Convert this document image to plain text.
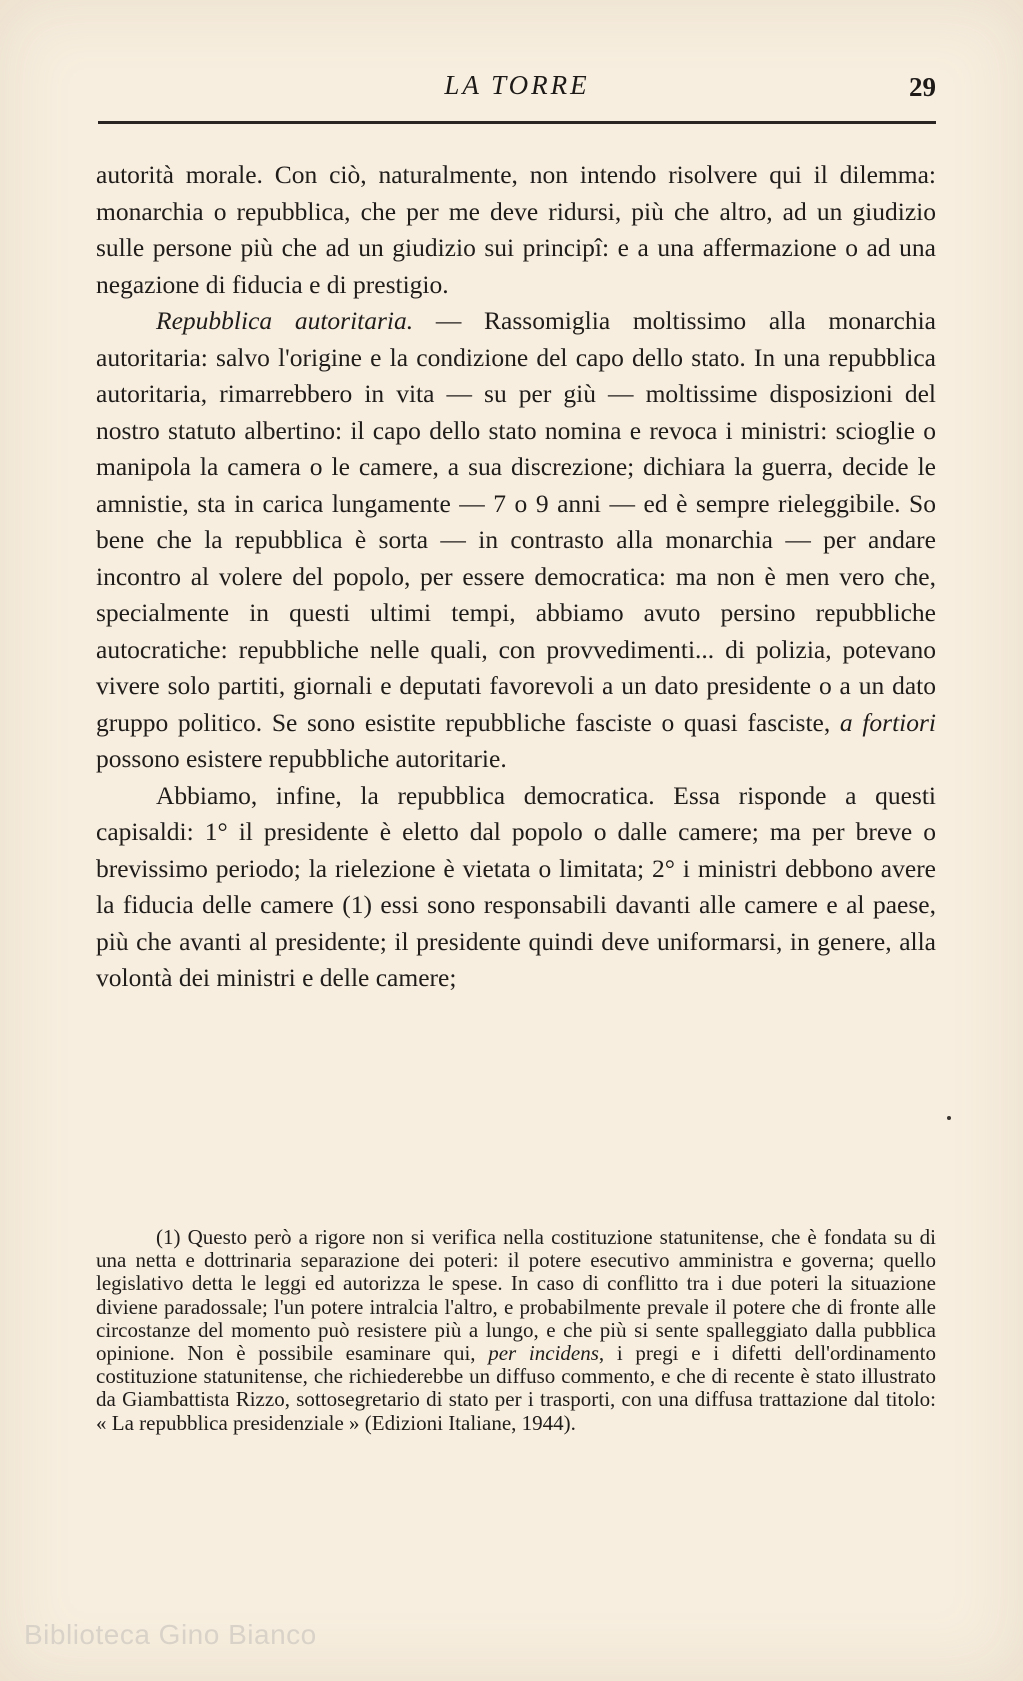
LA TORRE	29

autorità morale. Con ciò, naturalmente, non intendo risolvere qui il dilemma: monarchia o repubblica, che per me deve ridursi, più che altro, ad un giudizio sulle persone più che ad un giudizio sui principî: e a una affermazione o ad una negazione di fiducia e di prestigio.

Repubblica autoritaria. — Rassomiglia moltissimo alla monarchia autoritaria: salvo l'origine e la condizione del capo dello stato. In una repubblica autoritaria, rimarrebbero in vita — su per giù — moltissime disposizioni del nostro statuto albertino: il capo dello stato nomina e revoca i ministri: scioglie o manipola la camera o le camere, a sua discrezione; dichiara la guerra, decide le amnistie, sta in carica lungamente — 7 o 9 anni — ed è sempre rieleggibile. So bene che la repubblica è sorta — in contrasto alla monarchia — per andare incontro al volere del popolo, per essere democratica: ma non è men vero che, specialmente in questi ultimi tempi, abbiamo avuto persino repubbliche autocratiche: repubbliche nelle quali, con provvedimenti... di polizia, potevano vivere solo partiti, giornali e deputati favorevoli a un dato presidente o a un dato gruppo politico. Se sono esistite repubbliche fasciste o quasi fasciste, a fortiori possono esistere repubbliche autoritarie.

Abbiamo, infine, la repubblica democratica. Essa risponde a questi capisaldi: 1° il presidente è eletto dal popolo o dalle camere; ma per breve o brevissimo periodo; la rielezione è vietata o limitata; 2° i ministri debbono avere la fiducia delle camere (1) essi sono responsabili davanti alle camere e al paese, più che avanti al presidente; il presidente quindi deve uniformarsi, in genere, alla volontà dei ministri e delle camere;

(1) Questo però a rigore non si verifica nella costituzione statunitense, che è fondata su di una netta e dottrinaria separazione dei poteri: il potere esecutivo amministra e governa; quello legislativo detta le leggi ed autorizza le spese. In caso di conflitto tra i due poteri la situazione diviene paradossale; l'un potere intralcia l'altro, e probabilmente prevale il potere che di fronte alle circostanze del momento può resistere più a lungo, e che più si sente spalleggiato dalla pubblica opinione. Non è possibile esaminare qui, per incidens, i pregi e i difetti dell'ordinamento costituzione statunitense, che richiederebbe un diffuso commento, e che di recente è stato illustrato da Giambattista Rizzo, sottosegretario di stato per i trasporti, con una diffusa trattazione dal titolo: « La repubblica presidenziale » (Edizioni Italiane, 1944).

Biblioteca Gino Bianco
